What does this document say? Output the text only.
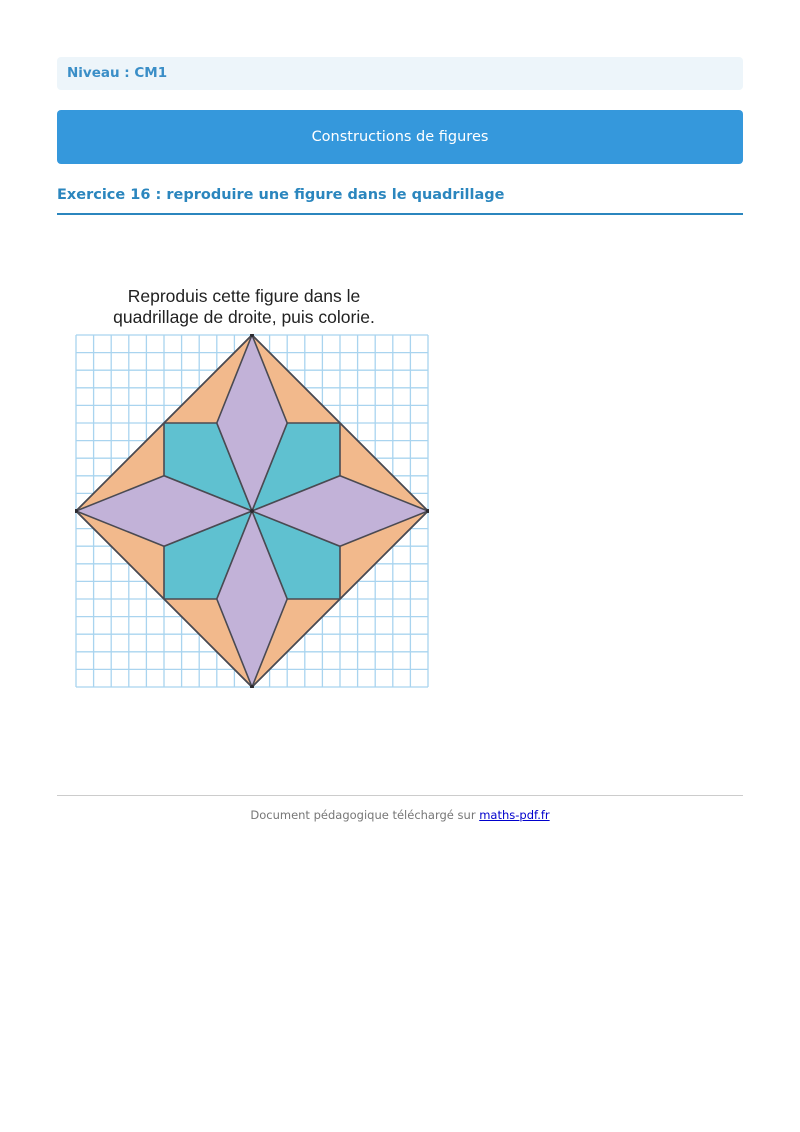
Niveau : CM1
Constructions de figures
Exercice 16 : reproduire une figure dans le quadrillage
Reproduis cette figure dans le
quadrillage de droite, puis colorie.
Document pédagogique téléchargé sur maths-pdf.fr
